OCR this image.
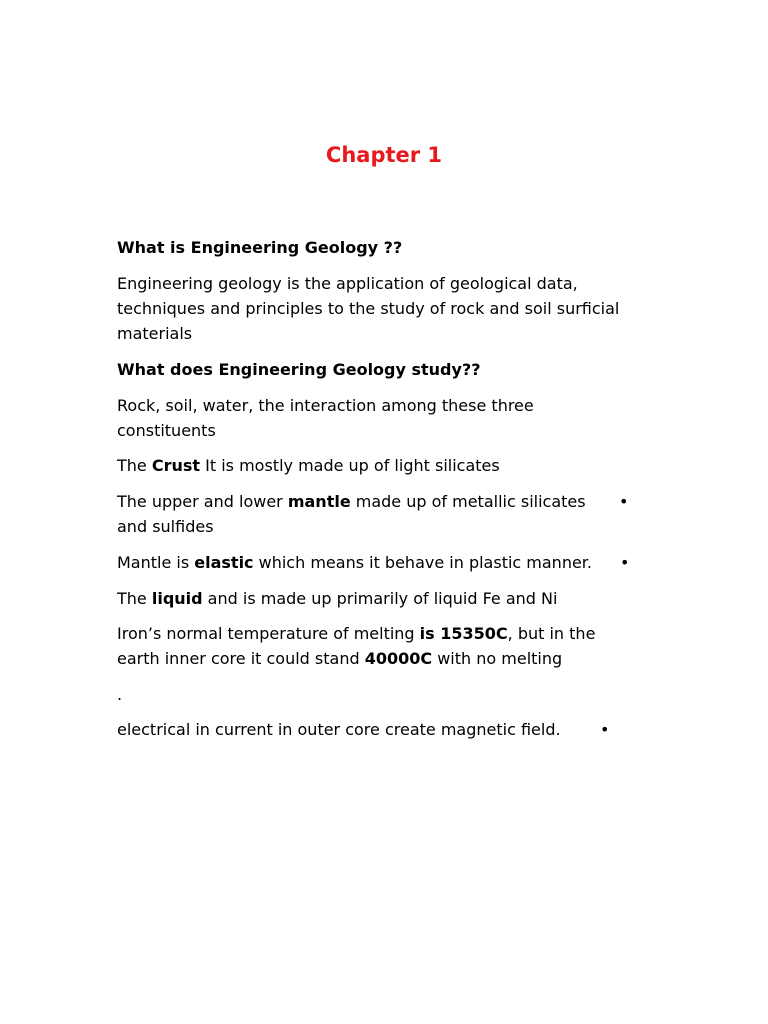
Chapter 1
What is Engineering Geology ??
Engineering geology is the application of geological data,
techniques and principles to the study of rock and soil surficial
materials
What does Engineering Geology study??
Rock, soil, water, the interaction among these three
constituents
The Crust It is mostly made up of light silicates
The upper and lower mantle made up of metallic silicates	•
and sulfides
Mantle is elastic which means it behave in plastic manner.	•
The liquid and is made up primarily of liquid Fe and Ni
Iron’s normal temperature of melting is 15350C, but in the
earth inner core it could stand 40000C with no melting
.
electrical in current in outer core create magnetic field.	•
